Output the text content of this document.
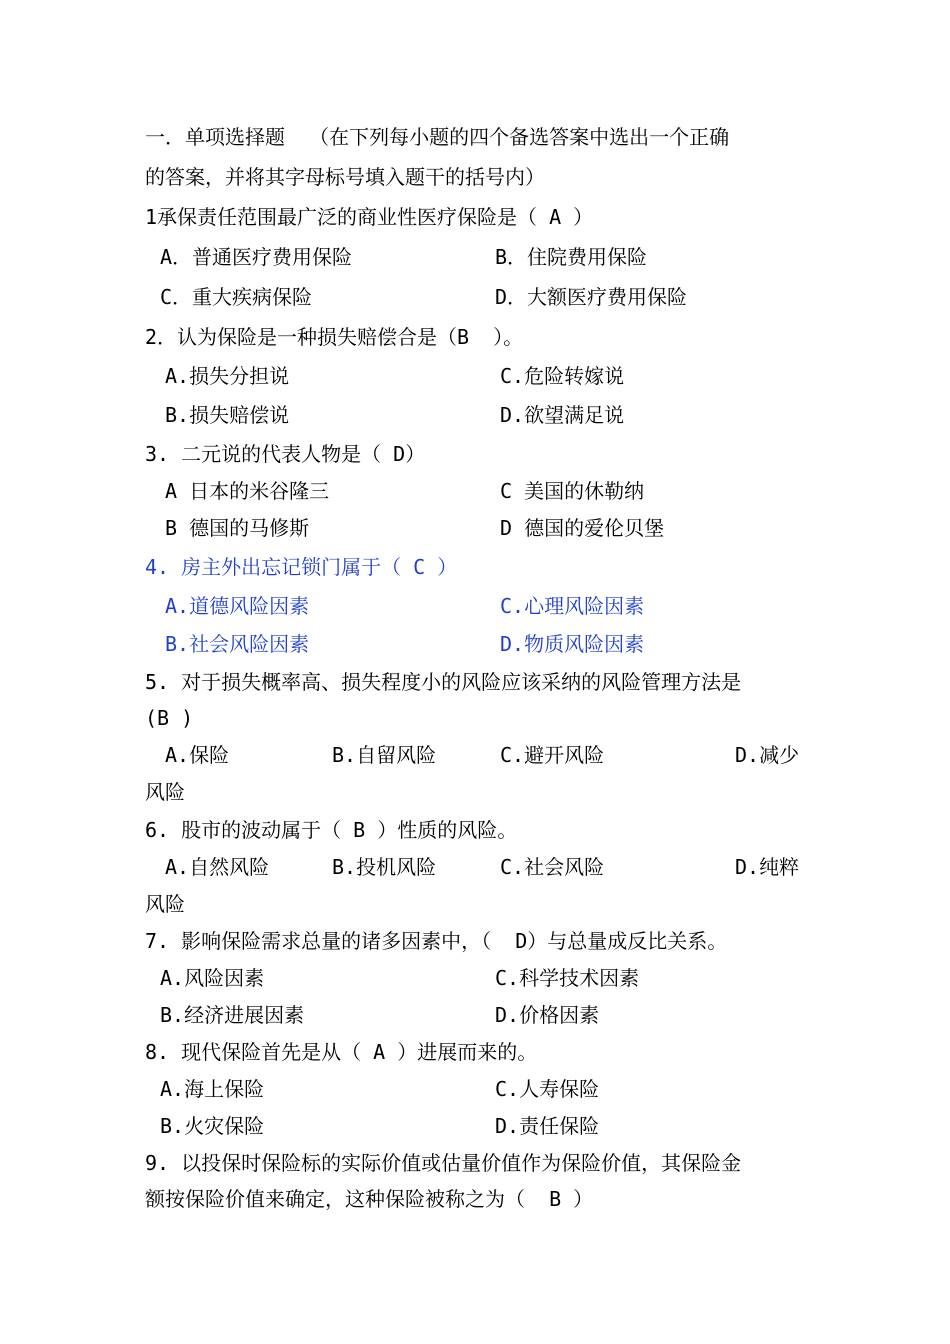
一．单项选择题  （在下列每小题的四个备选答案中选出一个正确

的答案，并将其字母标号填入题干的括号内）

1承保责任范围最广泛的商业性医疗保险是（ A ）

A．普通医疗费用保险	B．住院费用保险
C．重大疾病保险	D．大额医疗费用保险

2．认为保险是一种损失赔偿合是（B  ）。

A.损失分担说	C.危险转嫁说
B.损失赔偿说	D.欲望满足说

3. 二元说的代表人物是（ D）

A 日本的米谷隆三	C 美国的休勒纳
B 德国的马修斯	D 德国的爱伦贝堡

4. 房主外出忘记锁门属于（ C ）

A.道德风险因素	C.心理风险因素
B.社会风险因素	D.物质风险因素

5. 对于损失概率高、损失程度小的风险应该采纳的风险管理方法是

(B )

A.保险	B.自留风险	C.避开风险	D.减少

风险

6. 股市的波动属于（ B ）性质的风险。

A.自然风险	B.投机风险	C.社会风险	D.纯粹

风险

7. 影响保险需求总量的诸多因素中，（  D）与总量成反比关系。

A.风险因素	C.科学技术因素
B.经济进展因素	D.价格因素

8. 现代保险首先是从（ A ）进展而来的。

A.海上保险	C.人寿保险
B.火灾保险	D.责任保险

9. 以投保时保险标的实际价值或估量价值作为保险价值，其保险金

额按保险价值来确定，这种保险被称之为（  B ）
